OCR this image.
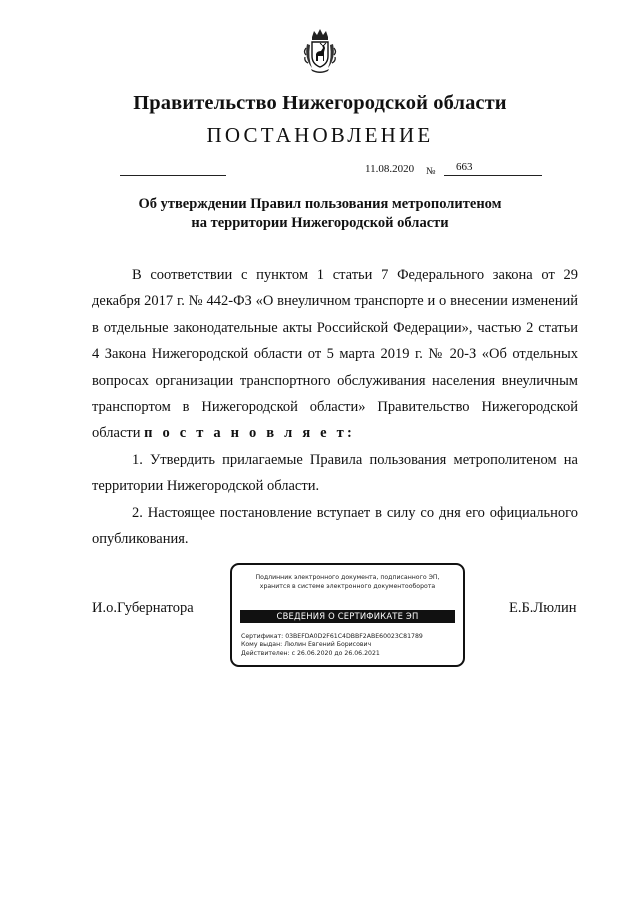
Правительство Нижегородской области
ПОСТАНОВЛЕНИЕ
11.08.2020 № 663
Об утверждении Правил пользования метрополитеном
на территории Нижегородской области

В соответствии с пунктом 1 статьи 7 Федерального закона от 29 декабря 2017 г. № 442-ФЗ «О внеуличном транспорте и о внесении изменений в отдельные законодательные акты Российской Федерации», частью 2 статьи 4 Закона Нижегородской области от 5 марта 2019 г. № 20-З «Об отдельных вопросах организации транспортного обслуживания населения внеуличным транспортом в Нижегородской области» Правительство Нижегородской области п о с т а н о в л я е т:

1. Утвердить прилагаемые Правила пользования метрополитеном на территории Нижегородской области.

2. Настоящее постановление вступает в силу со дня его официального опубликования.

И.о.Губернатора
Подлинник электронного документа, подписанного ЭП,
хранится в системе электронного документооборота
СВЕДЕНИЯ О СЕРТИФИКАТЕ ЭП
Сертификат: 03BEFDA0D2F61C4DBBF2ABE60023C81789
Кому выдан: Люлин Евгений Борисович
Действителен: с 26.06.2020 до 26.06.2021
Е.Б.Люлин
